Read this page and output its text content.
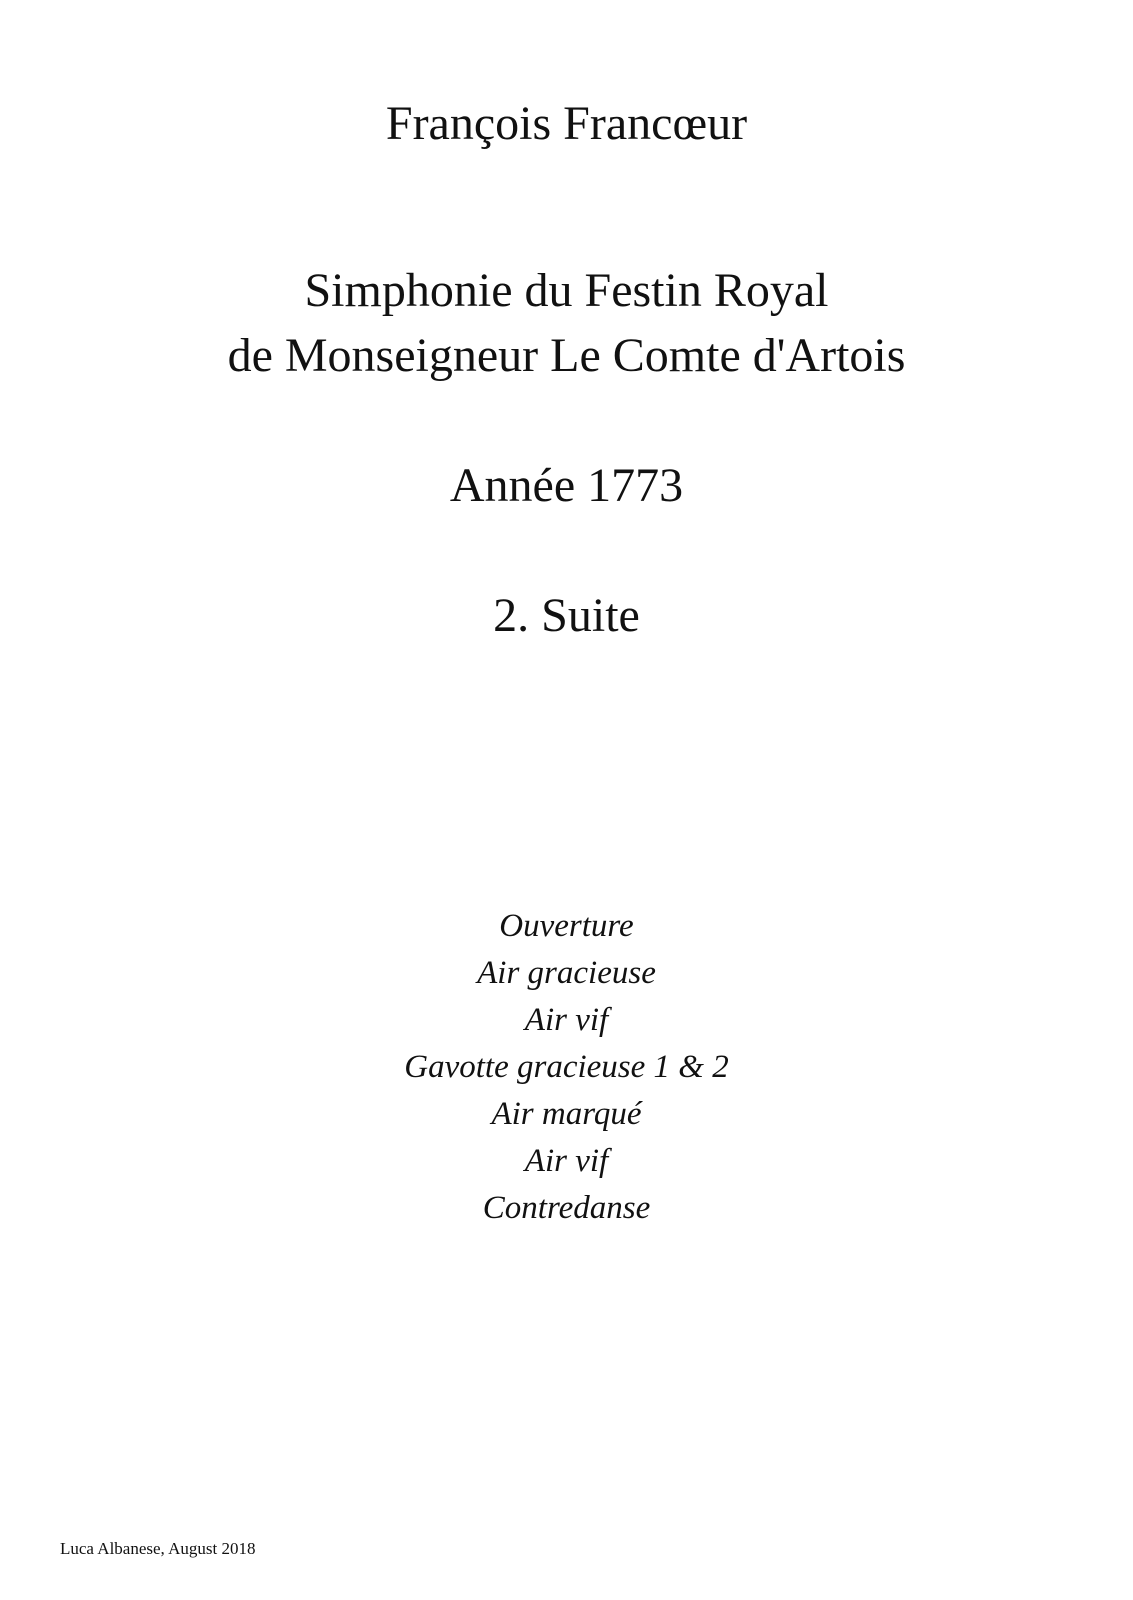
François Francœur
Simphonie du Festin Royal
de Monseigneur Le Comte d'Artois
Année 1773
2. Suite
Ouverture
Air gracieuse
Air vif
Gavotte gracieuse 1 & 2
Air marqué
Air vif
Contredanse
Luca Albanese, August 2018
